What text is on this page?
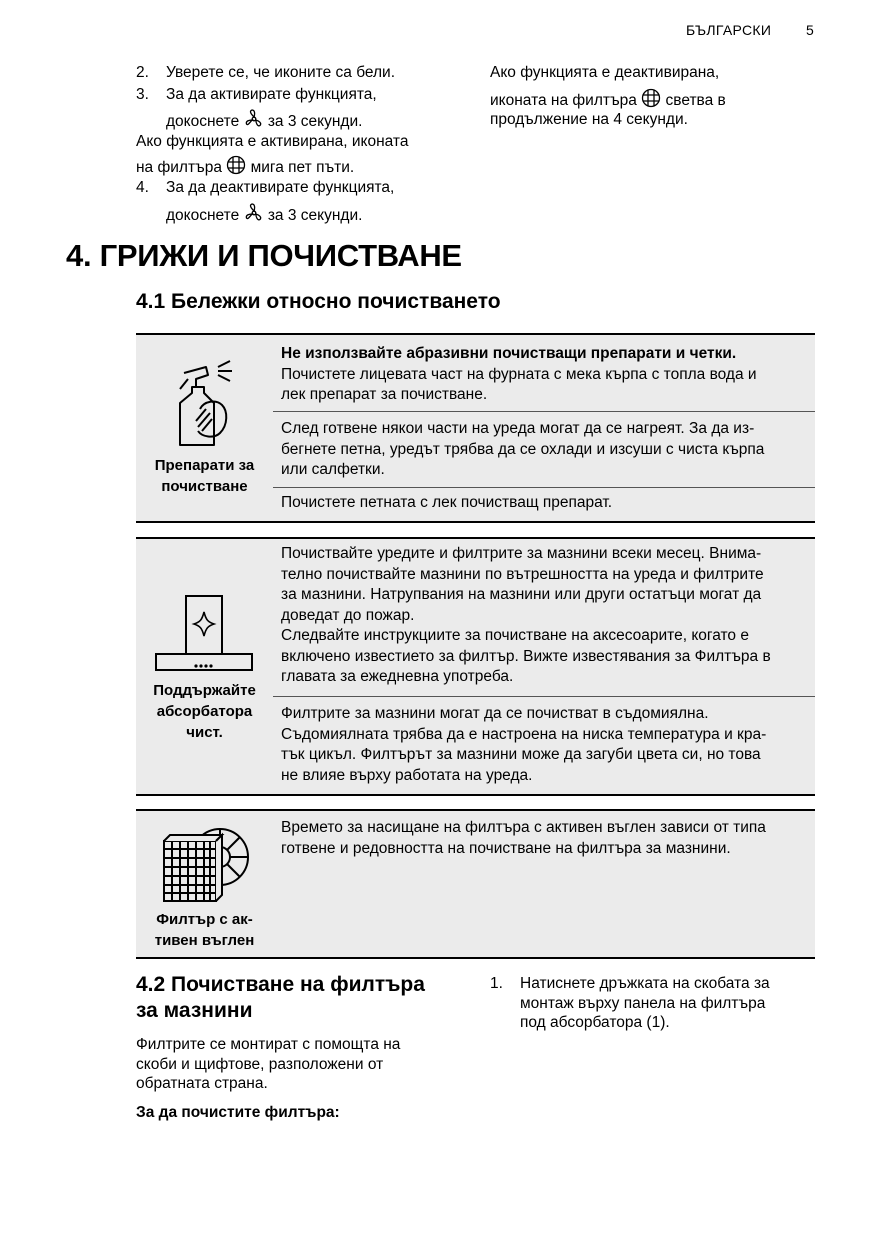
БЪЛГАРСКИ 5
2. Уверете се, че иконите са бели.
3. За да активирате функцията,
докоснете за 3 секунди.
Ако функцията е активирана, иконата
на филтъра мига пет пъти.
4. За да деактивирате функцията,
докоснете за 3 секунди.
Ако функцията е деактивирана,
иконата на филтъра светва в
продължение на 4 секунди.
4. ГРИЖИ И ПОЧИСТВАНЕ
4.1 Бележки относно почистването
Препарати за
почистване
Не използвайте абразивни почистващи препарати и четки.
Почистете лицевата част на фурната с мека кърпа с топла вода и
лек препарат за почистване.
След готвене някои части на уреда могат да се нагреят. За да из-
бегнете петна, уредът трябва да се охлади и изсуши с чиста кърпа
или салфетки.
Почистете петната с лек почистващ препарат.
Поддържайте
абсорбатора
чист.
Почиствайте уредите и филтрите за мазнини всеки месец. Внима-
телно почиствайте мазнини по вътрешността на уреда и филтрите
за мазнини. Натрупвания на мазнини или други остатъци могат да
доведат до пожар.
Следвайте инструкциите за почистване на аксесоарите, когато е
включено известието за филтър. Вижте известявания за Филтъра в
главата за ежедневна употреба.
Филтрите за мазнини могат да се почистват в съдомиялна.
Съдомиялната трябва да е настроена на ниска температура и кра-
тък цикъл. Филтърът за мазнини може да загуби цвета си, но това
не влияе върху работата на уреда.
Филтър с ак-
тивен въглен
Времето за насищане на филтъра с активен въглен зависи от типа
готвене и редовността на почистване на филтъра за мазнини.
4.2 Почистване на филтъра
за мазнини
Филтрите се монтират с помощта на
скоби и щифтове, разположени от
обратната страна.
За да почистите филтъра:
1. Натиснете дръжката на скобата за
монтаж върху панела на филтъра
под абсорбатора (1).
